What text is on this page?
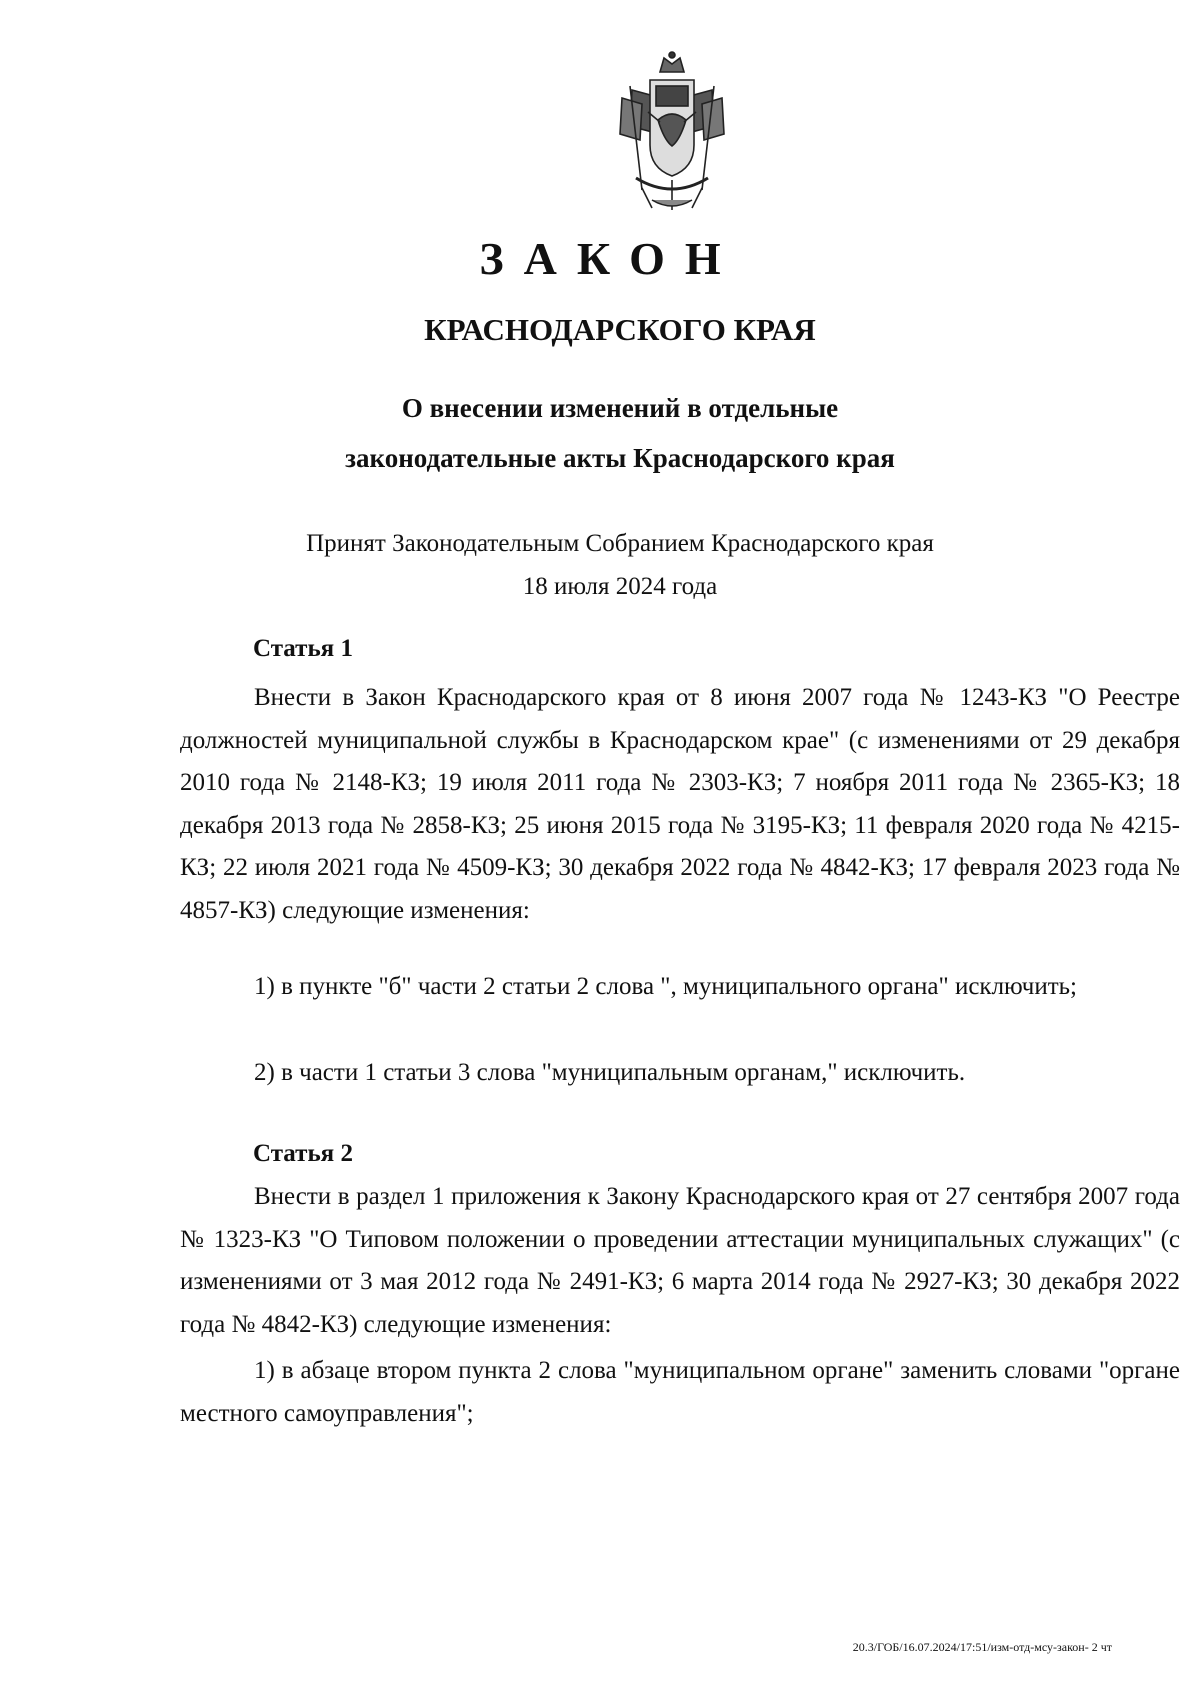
ЗАКОН
КРАСНОДАРСКОГО КРАЯ
О внесении изменений в отдельные
законодательные акты Краснодарского края
Принят Законодательным Собранием Краснодарского края
18 июля 2024 года
Статья 1

Внести в Закон Краснодарского края от 8 июня 2007 года № 1243-КЗ "О Реестре должностей муниципальной службы в Краснодарском крае" (с изменениями от 29 декабря 2010 года № 2148-КЗ; 19 июля 2011 года № 2303-КЗ; 7 ноября 2011 года № 2365-КЗ; 18 декабря 2013 года № 2858-КЗ; 25 июня 2015 года № 3195-КЗ; 11 февраля 2020 года № 4215-КЗ; 22 июля 2021 года № 4509-КЗ; 30 декабря 2022 года № 4842-КЗ; 17 февраля 2023 года № 4857-КЗ) следующие изменения:

1) в пункте "б" части 2 статьи 2 слова ", муниципального органа" исключить;

2) в части 1 статьи 3 слова "муниципальным органам," исключить.

Статья 2

Внести в раздел 1 приложения к Закону Краснодарского края от 27 сентября 2007 года № 1323-КЗ "О Типовом положении о проведении аттестации муниципальных служащих" (с изменениями от 3 мая 2012 года № 2491-КЗ; 6 марта 2014 года № 2927-КЗ; 30 декабря 2022 года № 4842-КЗ) следующие изменения:

1) в абзаце втором пункта 2 слова "муниципальном органе" заменить словами "органе местного самоуправления";

20.3/ГОБ/16.07.2024/17:51/изм-отд-мсу-закон- 2 чт
